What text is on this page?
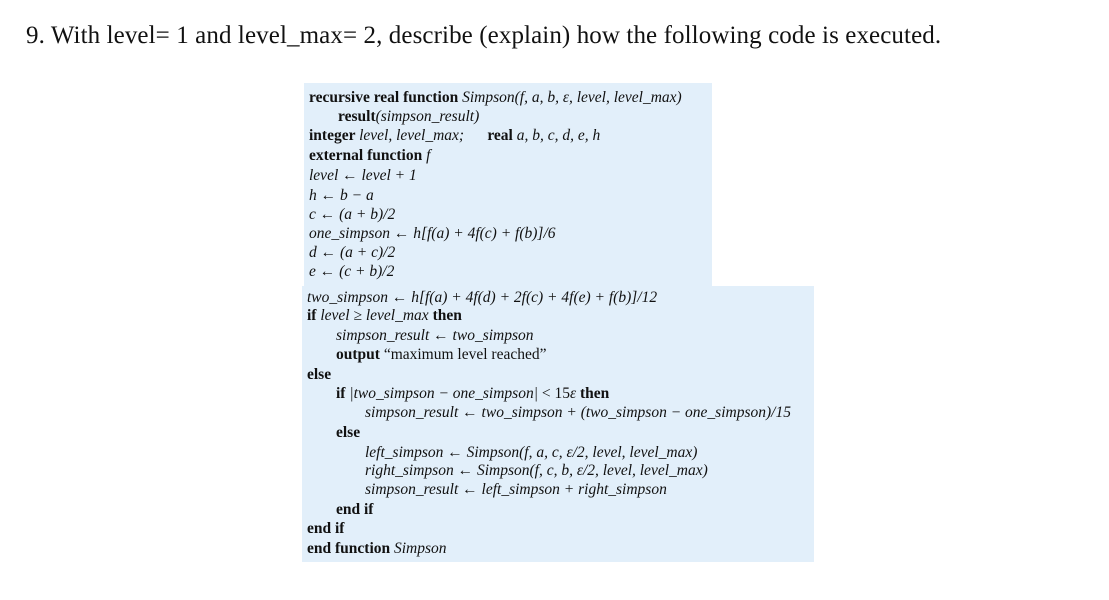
9. With level= 1 and level_max= 2, describe (explain) how the following code is executed.
recursive real function Simpson(f, a, b, ε, level, level_max)
result(simpson_result)
integer level, level_max; real a, b, c, d, e, h
external function f
level ← level + 1
h ← b − a
c ← (a + b)/2
one_simpson ← h[f(a) + 4f(c) + f(b)]/6
d ← (a + c)/2
e ← (c + b)/2
two_simpson ← h[f(a) + 4f(d) + 2f(c) + 4f(e) + f(b)]/12
if level ≥ level_max then
simpson_result ← two_simpson
output “maximum level reached”
else
if |two_simpson − one_simpson| < 15ε then
simpson_result ← two_simpson + (two_simpson − one_simpson)/15
else
left_simpson ← Simpson(f, a, c, ε/2, level, level_max)
right_simpson ← Simpson(f, c, b, ε/2, level, level_max)
simpson_result ← left_simpson + right_simpson
end if
end if
end function Simpson
